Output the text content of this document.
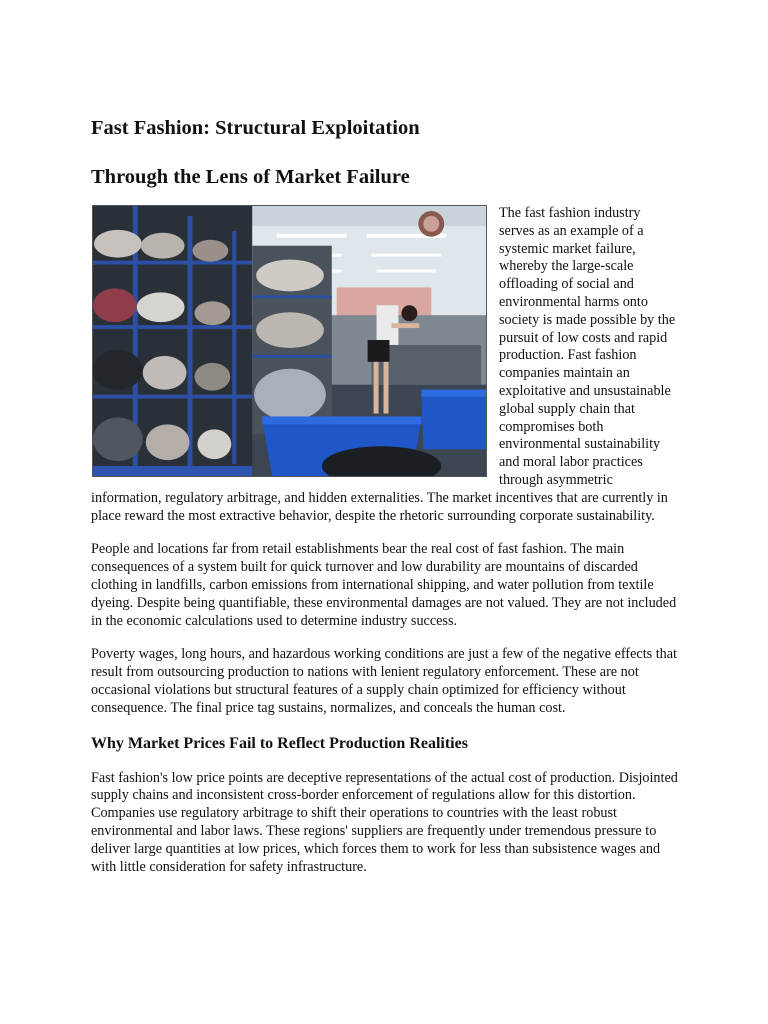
Fast Fashion: Structural Exploitation
Through the Lens of Market Failure

The fast fashion industry serves as an example of a systemic market failure, whereby the large-scale offloading of social and environmental harms onto society is made possible by the pursuit of low costs and rapid production. Fast fashion companies maintain an exploitative and unsustainable global supply chain that compromises both environmental sustainability and moral labor practices through asymmetric information, regulatory arbitrage, and hidden externalities. The market incentives that are currently in place reward the most extractive behavior, despite the rhetoric surrounding corporate sustainability.

People and locations far from retail establishments bear the real cost of fast fashion. The main consequences of a system built for quick turnover and low durability are mountains of discarded clothing in landfills, carbon emissions from international shipping, and water pollution from textile dyeing. Despite being quantifiable, these environmental damages are not valued. They are not included in the economic calculations used to determine industry success.

Poverty wages, long hours, and hazardous working conditions are just a few of the negative effects that result from outsourcing production to nations with lenient regulatory enforcement. These are not occasional violations but structural features of a supply chain optimized for efficiency without consequence. The final price tag sustains, normalizes, and conceals the human cost.

Why Market Prices Fail to Reflect Production Realities

Fast fashion's low price points are deceptive representations of the actual cost of production. Disjointed supply chains and inconsistent cross-border enforcement of regulations allow for this distortion. Companies use regulatory arbitrage to shift their operations to countries with the least robust environmental and labor laws. These regions' suppliers are frequently under tremendous pressure to deliver large quantities at low prices, which forces them to work for less than subsistence wages and with little consideration for safety infrastructure.
